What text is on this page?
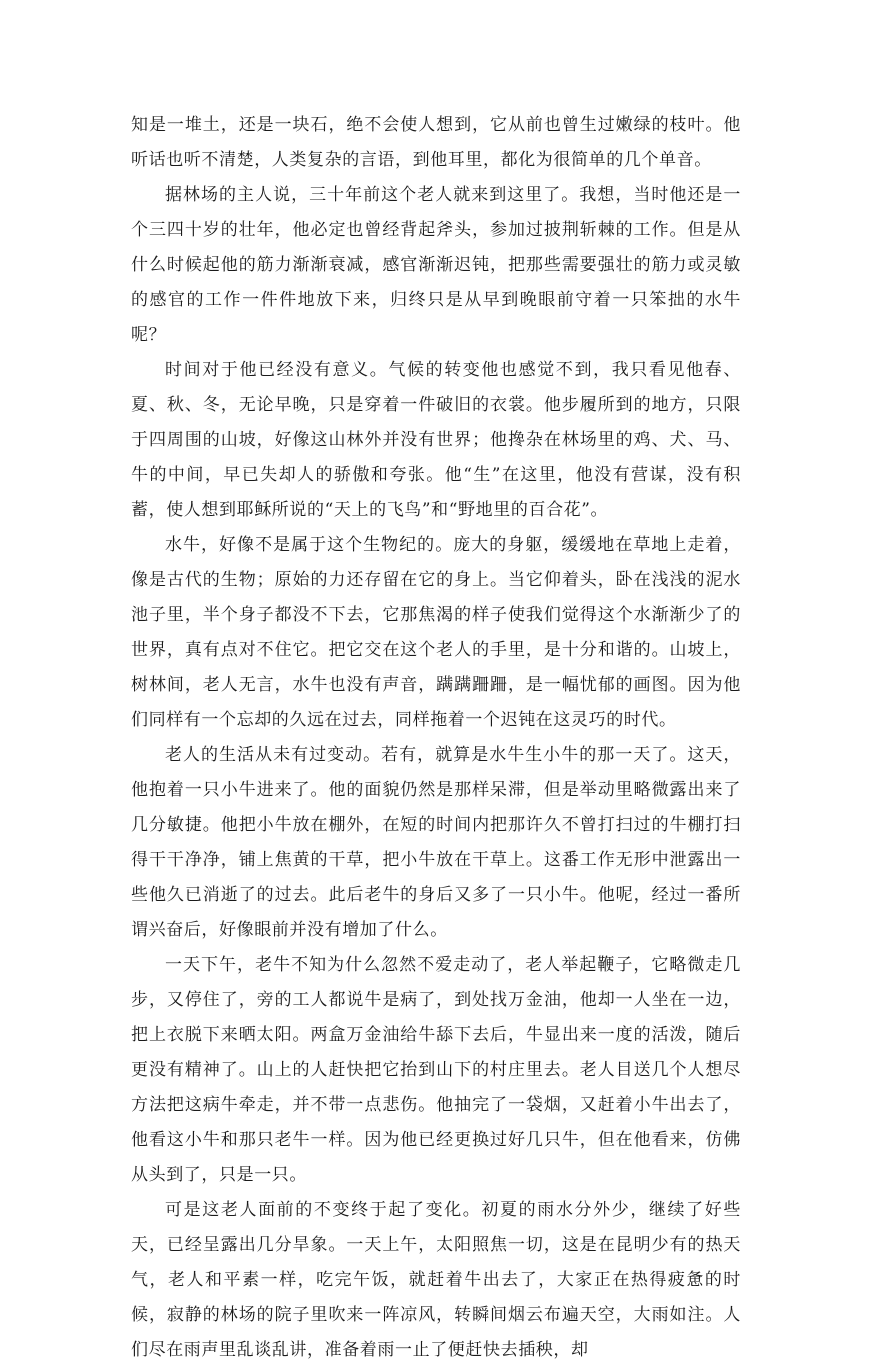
知是一堆土，还是一块石，绝不会使人想到，它从前也曾生过嫩绿的枝叶。他听话也听不清楚，人类复杂的言语，到他耳里，都化为很简单的几个单音。

据林场的主人说，三十年前这个老人就来到这里了。我想，当时他还是一个三四十岁的壮年，他必定也曾经背起斧头，参加过披荆斩棘的工作。但是从什么时候起他的筋力渐渐衰减，感官渐渐迟钝，把那些需要强壮的筋力或灵敏的感官的工作一件件地放下来，归终只是从早到晚眼前守着一只笨拙的水牛呢？

时间对于他已经没有意义。气候的转变他也感觉不到，我只看见他春、夏、秋、冬，无论早晚，只是穿着一件破旧的衣裳。他步履所到的地方，只限于四周围的山坡，好像这山林外并没有世界；他搀杂在林场里的鸡、犬、马、牛的中间，早已失却人的骄傲和夸张。他“生”在这里，他没有营谋，没有积蓄，使人想到耶稣所说的“天上的飞鸟”和“野地里的百合花”。

水牛，好像不是属于这个生物纪的。庞大的身躯，缓缓地在草地上走着，像是古代的生物；原始的力还存留在它的身上。当它仰着头，卧在浅浅的泥水池子里，半个身子都没不下去，它那焦渴的样子使我们觉得这个水渐渐少了的世界，真有点对不住它。把它交在这个老人的手里，是十分和谐的。山坡上，树林间，老人无言，水牛也没有声音，蹒蹒跚跚，是一幅忧郁的画图。因为他们同样有一个忘却的久远在过去，同样拖着一个迟钝在这灵巧的时代。

老人的生活从未有过变动。若有，就算是水牛生小牛的那一天了。这天，他抱着一只小牛进来了。他的面貌仍然是那样呆滞，但是举动里略微露出来了几分敏捷。他把小牛放在棚外，在短的时间内把那许久不曾打扫过的牛棚打扫得干干净净，铺上焦黄的干草，把小牛放在干草上。这番工作无形中泄露出一些他久已消逝了的过去。此后老牛的身后又多了一只小牛。他呢，经过一番所谓兴奋后，好像眼前并没有增加了什么。

一天下午，老牛不知为什么忽然不爱走动了，老人举起鞭子，它略微走几步，又停住了，旁的工人都说牛是病了，到处找万金油，他却一人坐在一边，把上衣脱下来晒太阳。两盒万金油给牛舔下去后，牛显出来一度的活泼，随后更没有精神了。山上的人赶快把它抬到山下的村庄里去。老人目送几个人想尽方法把这病牛牵走，并不带一点悲伤。他抽完了一袋烟，又赶着小牛出去了，他看这小牛和那只老牛一样。因为他已经更换过好几只牛，但在他看来，仿佛从头到了，只是一只。

可是这老人面前的不变终于起了变化。初夏的雨水分外少，继续了好些天，已经呈露出几分旱象。一天上午，太阳照焦一切，这是在昆明少有的热天气，老人和平素一样，吃完午饭，就赶着牛出去了，大家正在热得疲惫的时候，寂静的林场的院子里吹来一阵凉风，转瞬间烟云布遍天空，大雨如注。人们尽在雨声里乱谈乱讲，准备着雨一止了便赶快去插秧，却
